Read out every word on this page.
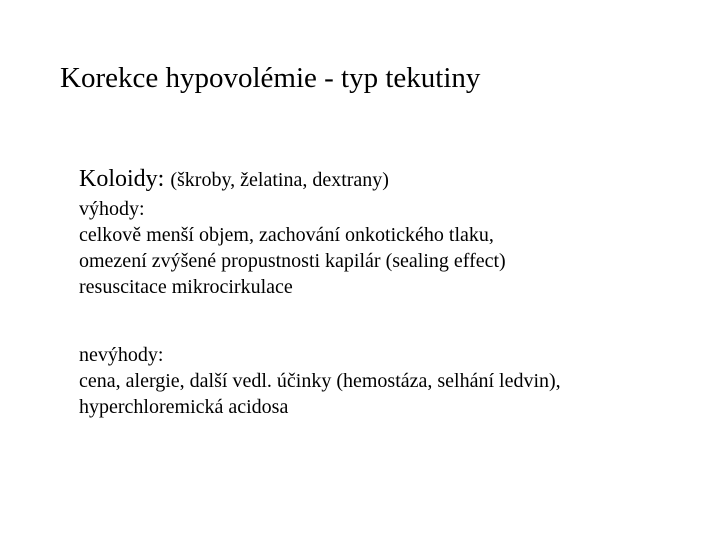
Korekce hypovolémie - typ tekutiny
Koloidy: (škroby, želatina, dextrany)
výhody:
celkově menší objem, zachování onkotického tlaku,
omezení zvýšené propustnosti kapilár (sealing effect)
resuscitace mikrocirkulace
nevýhody:
cena, alergie, další vedl. účinky (hemostáza, selhání ledvin),
hyperchloremická acidosa
